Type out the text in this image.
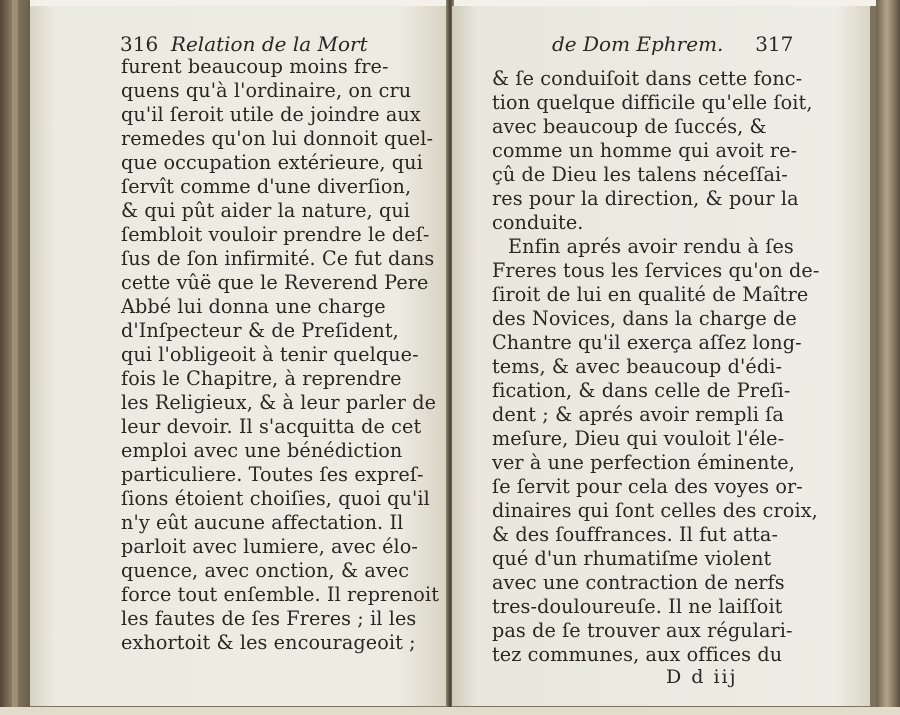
316 Relation de la Mort
furent beaucoup moins fre-
quens qu'à l'ordinaire, on cru
qu'il ſeroit utile de joindre aux
remedes qu'on lui donnoit quel-
que occupation extérieure, qui
ſervît comme d'une diverſion,
& qui pût aider la nature, qui
ſembloit vouloir prendre le deſ-
ſus de ſon infirmité. Ce fut dans
cette vûë que le Reverend Pere
Abbé lui donna une charge
d'Inſpecteur & de Preſident,
qui l'obligeoit à tenir quelque-
fois le Chapitre, à reprendre
les Religieux, & à leur parler de
leur devoir. Il s'acquitta de cet
emploi avec une bénédiction
particuliere. Toutes ſes expreſ-
ſions étoient choiſies, quoi qu'il
n'y eût aucune affectation. Il
parloit avec lumiere, avec élo-
quence, avec onction, & avec
force tout enſemble. Il reprenoit
les fautes de ſes Freres ; il les
exhortoit & les encourageoit ;
de Dom Ephrem. 317
& ſe conduiſoit dans cette fonc-
tion quelque difficile qu'elle ſoit,
avec beaucoup de ſuccés, &
comme un homme qui avoit re-
çû de Dieu les talens néceſſai-
res pour la direction, & pour la
conduite.
Enfin aprés avoir rendu à ſes
Freres tous les ſervices qu'on de-
ſiroit de lui en qualité de Maître
des Novices, dans la charge de
Chantre qu'il exerça aſſez long-
tems, & avec beaucoup d'édi-
fication, & dans celle de Preſi-
dent ; & aprés avoir rempli ſa
meſure, Dieu qui vouloit l'éle-
ver à une perfection éminente,
ſe ſervit pour cela des voyes or-
dinaires qui ſont celles des croix,
& des ſouffrances. Il fut atta-
qué d'un rhumatiſme violent
avec une contraction de nerfs
tres-douloureuſe. Il ne laiſſoit
pas de ſe trouver aux régulari-
tez communes, aux offices du
D d iij
